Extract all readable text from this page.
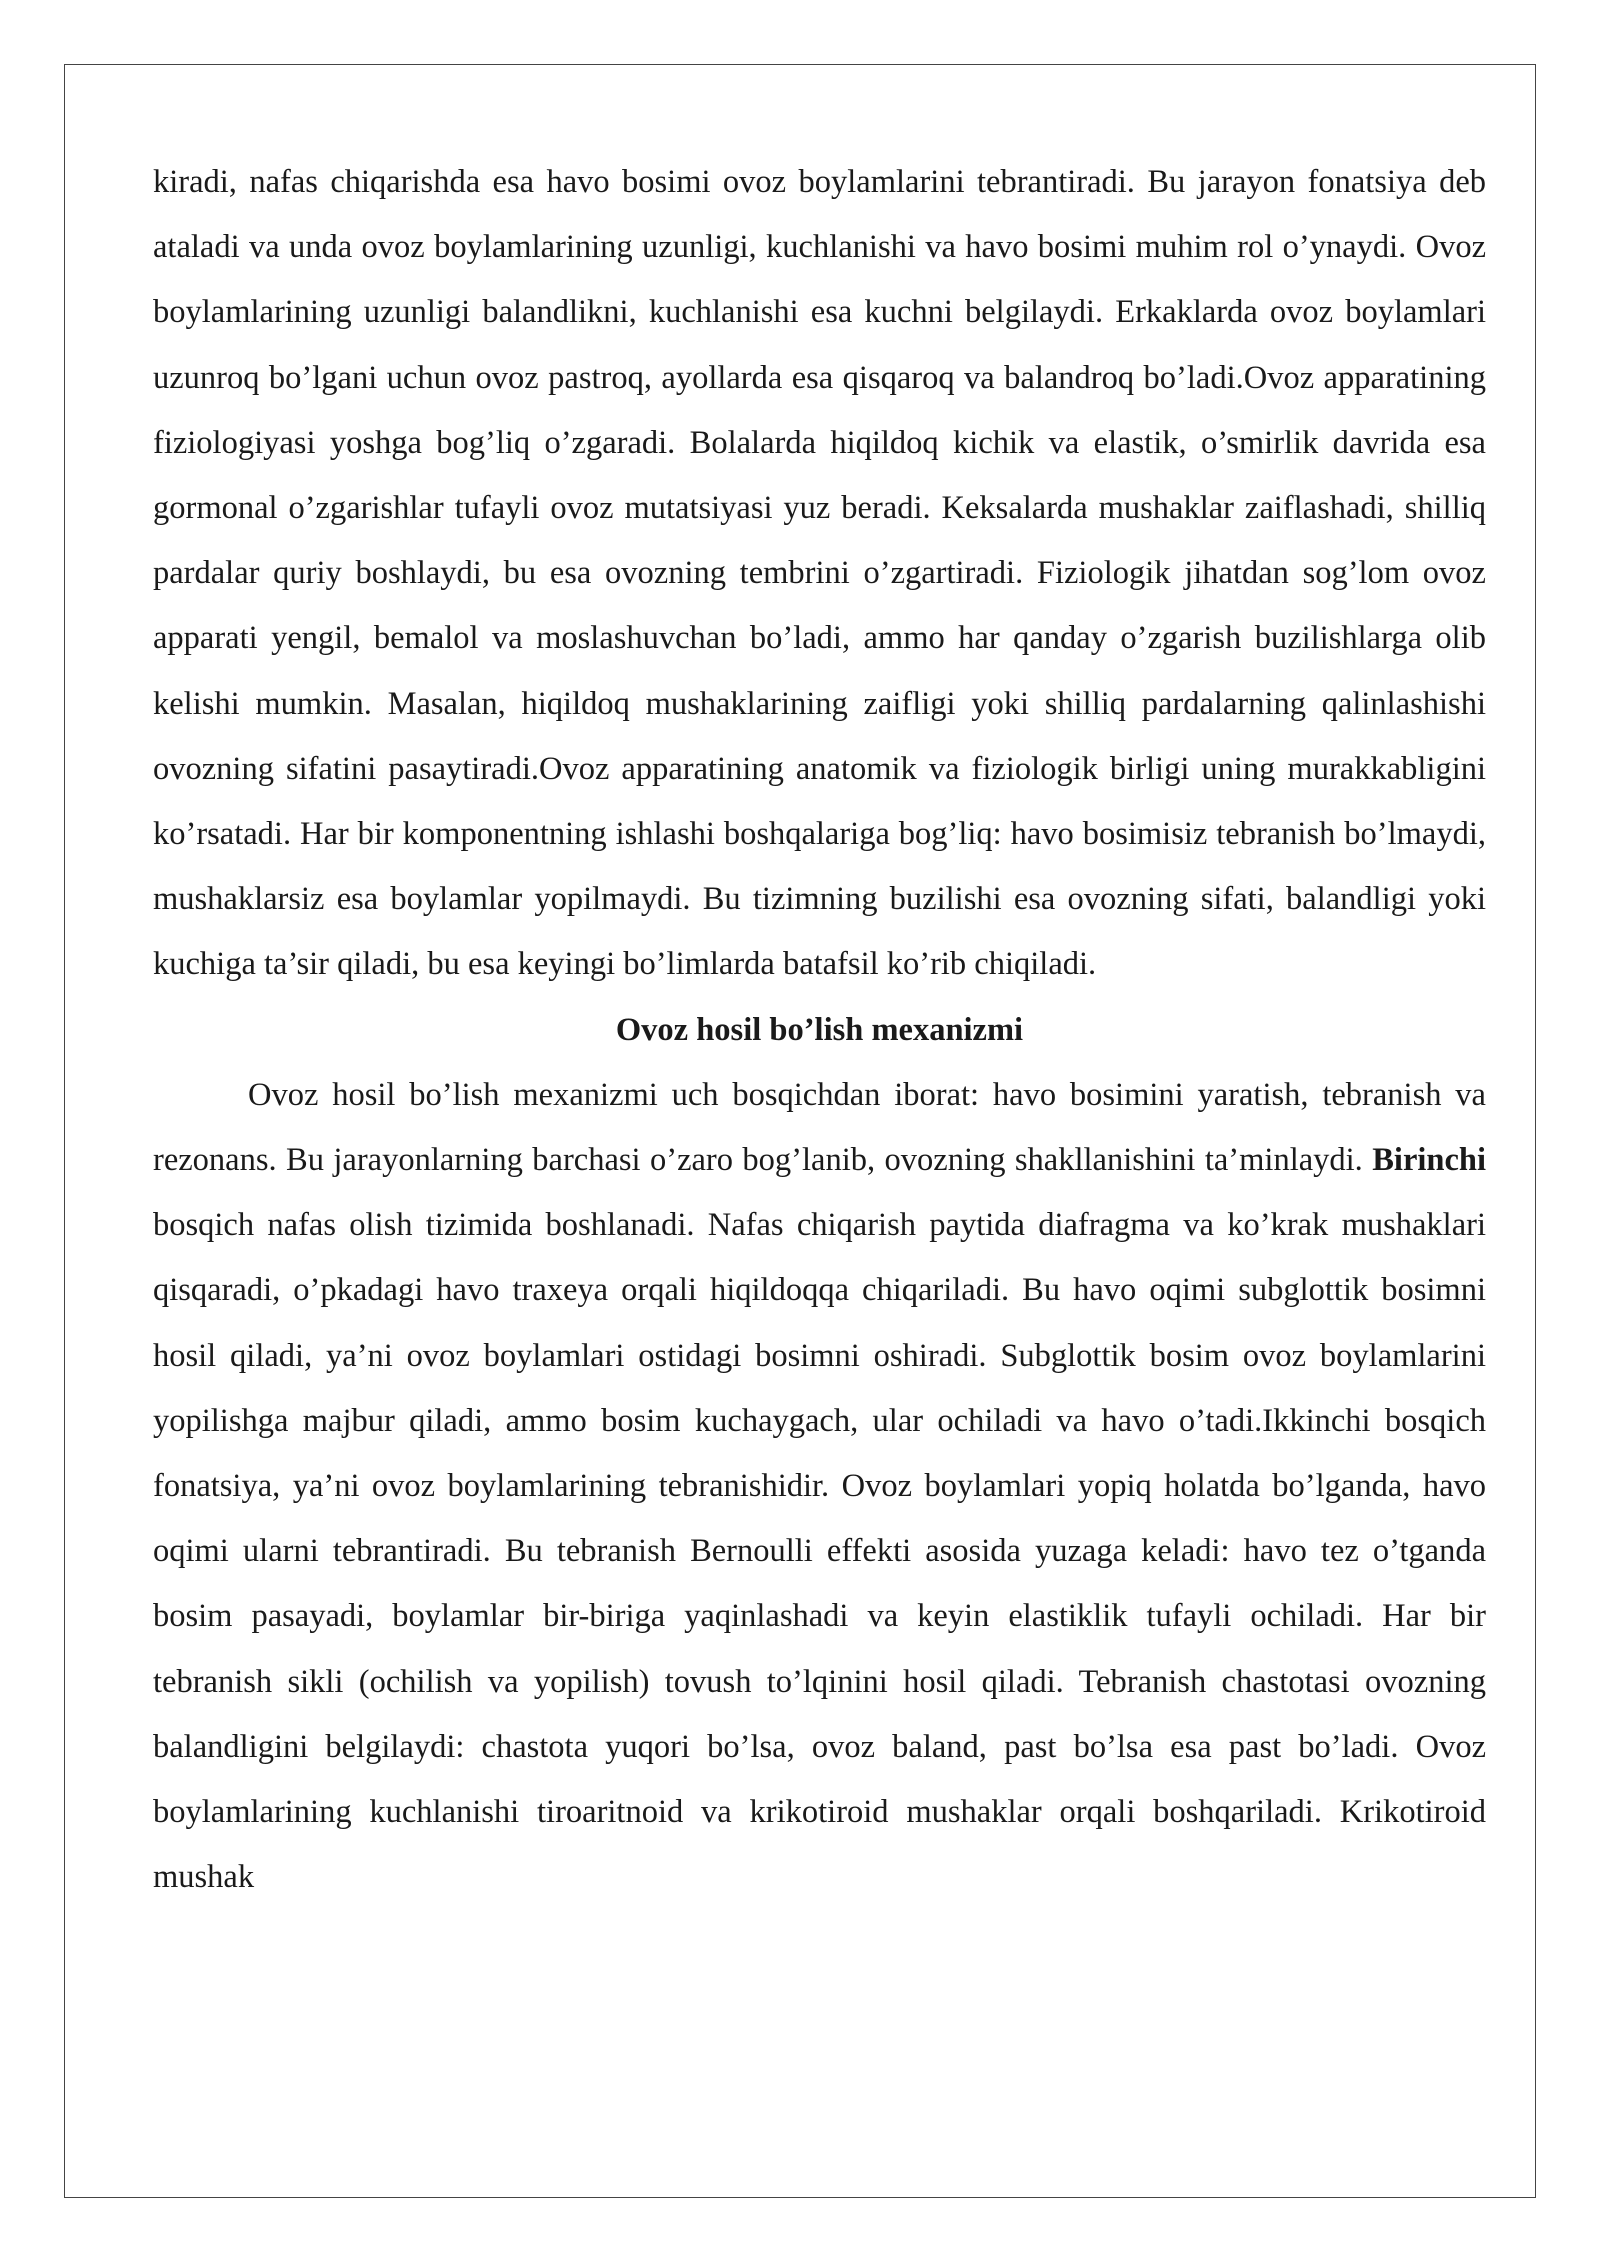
kiradi, nafas chiqarishda esa havo bosimi ovoz boylamlarini tebrantiradi. Bu jarayon fonatsiya deb ataladi va unda ovoz boylamlarining uzunligi, kuchlanishi va havo bosimi muhim rol o’ynaydi. Ovoz boylamlarining uzunligi balandlikni, kuchlanishi esa kuchni belgilaydi. Erkaklarda ovoz boylamlari uzunroq bo’lgani uchun ovoz pastroq, ayollarda esa qisqaroq va balandroq bo’ladi.Ovoz apparatining fiziologiyasi yoshga bog’liq o’zgaradi. Bolalarda hiqildoq kichik va elastik, o’smirlik davrida esa gormonal o’zgarishlar tufayli ovoz mutatsiyasi yuz beradi. Keksalarda mushaklar zaiflashadi, shilliq pardalar quriy boshlaydi, bu esa ovozning tembrini o’zgartiradi. Fiziologik jihatdan sog’lom ovoz apparati yengil, bemalol va moslashuvchan bo’ladi, ammo har qanday o’zgarish buzilishlarga olib kelishi mumkin. Masalan, hiqildoq mushaklarining zaifligi yoki shilliq pardalarning qalinlashishi ovozning sifatini pasaytiradi.Ovoz apparatining anatomik va fiziologik birligi uning murakkabligini ko’rsatadi. Har bir komponentning ishlashi boshqalariga bog’liq: havo bosimisiz tebranish bo’lmaydi, mushaklarsiz esa boylamlar yopilmaydi. Bu tizimning buzilishi esa ovozning sifati, balandligi yoki kuchiga ta’sir qiladi, bu esa keyingi bo’limlarda batafsil ko’rib chiqiladi.

Ovoz hosil bo’lish mexanizmi

Ovoz hosil bo’lish mexanizmi uch bosqichdan iborat: havo bosimini yaratish, tebranish va rezonans. Bu jarayonlarning barchasi o’zaro bog’lanib, ovozning shakllanishini ta’minlaydi. Birinchi bosqich nafas olish tizimida boshlanadi. Nafas chiqarish paytida diafragma va ko’krak mushaklari qisqaradi, o’pkadagi havo traxeya orqali hiqildoqqa chiqariladi. Bu havo oqimi subglottik bosimni hosil qiladi, ya’ni ovoz boylamlari ostidagi bosimni oshiradi. Subglottik bosim ovoz boylamlarini yopilishga majbur qiladi, ammo bosim kuchaygach, ular ochiladi va havo o’tadi.Ikkinchi bosqich fonatsiya, ya’ni ovoz boylamlarining tebranishidir. Ovoz boylamlari yopiq holatda bo’lganda, havo oqimi ularni tebrantiradi. Bu tebranish Bernoulli effekti asosida yuzaga keladi: havo tez o’tganda bosim pasayadi, boylamlar bir-biriga yaqinlashadi va keyin elastiklik tufayli ochiladi. Har bir tebranish sikli (ochilish va yopilish) tovush to’lqinini hosil qiladi. Tebranish chastotasi ovozning balandligini belgilaydi: chastota yuqori bo’lsa, ovoz baland, past bo’lsa esa past bo’ladi. Ovoz boylamlarining kuchlanishi tiroaritnoid va krikotiroid mushaklar orqali boshqariladi. Krikotiroid mushak
